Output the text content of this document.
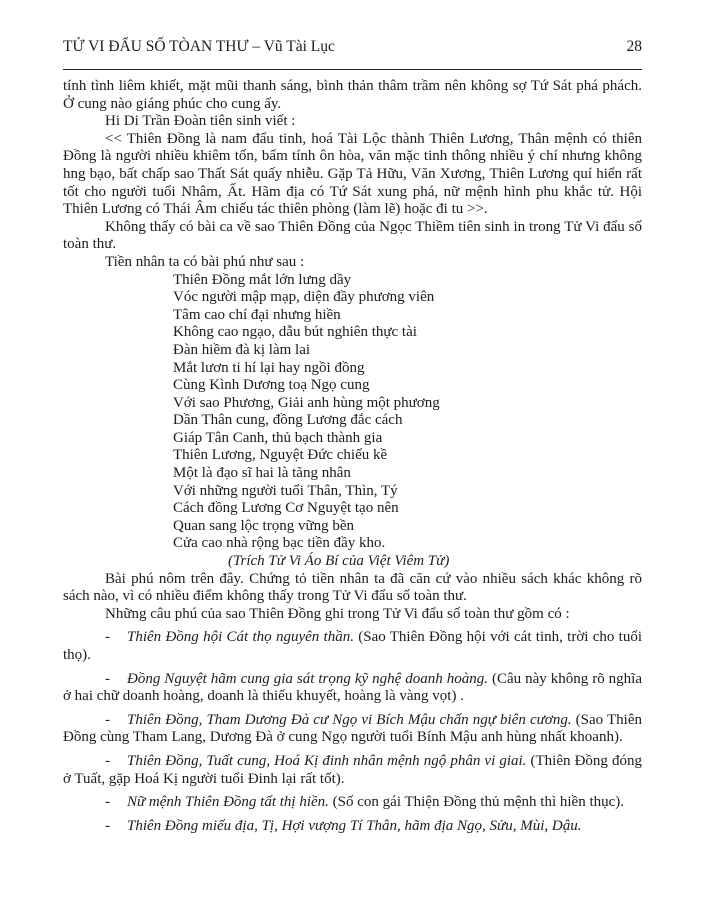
TỬ VI ĐẨU SỐ TÒAN THƯ – Vũ Tài Lục	28

tính tình liêm khiết, mặt mũi thanh sáng, bình thản thâm trầm nên không sợ Tứ Sát phá phách. Ở cung nào giáng phúc cho cung ấy.

Hi Di Trần Đoàn tiên sinh viết :

<< Thiên Đồng là nam đẩu tinh, hoá Tài Lộc thành Thiên Lương, Thân mệnh có thiên Đồng là người nhiều khiêm tốn, bẩm tính ôn hòa, văn mặc tinh thông nhiều ý chí nhưng không hng bạo, bất chấp sao Thất Sát quấy nhiễu. Gặp Tả Hữu, Văn Xương, Thiên Lương quí hiển rất tốt cho người tuổi Nhâm, Ất. Hãm địa có Tứ Sát xung phá, nữ mệnh hình phu khắc tử. Hội Thiên Lương có Thái Âm chiếu tác thiên phòng (làm lẽ) hoặc đi tu >>.

Không thấy có bài ca về sao Thiên Đồng của Ngọc Thiềm tiên sinh in trong Tử Vi đẩu số toàn thư.

Tiền nhân ta có bài phú như sau :

Thiên Đồng mắt lớn lưng dầy
Vóc người mập mạp, diện đầy phương viên
Tâm cao chí đại nhưng hiền
Không cao ngạo, dẫu bút nghiên thực tài
Đàn hiềm đà kị làm lai
Mắt lươn ti hí lại hay ngồi đồng
Cùng Kình Dương toạ Ngọ cung
Với sao Phương, Giải anh hùng một phương
Dần Thân cung, đồng Lương đắc cách
Giáp Tân Canh, thủ bạch thành gia
Thiên Lương, Nguyệt Đức chiếu kề
Một là đạo sĩ hai là tăng nhân
Với những người tuổi Thân, Thìn, Tý
Cách đồng Lương Cơ Nguyệt tạo nên
Quan sang lộc trọng vững bền
Cửa cao nhà rộng bạc tiền đầy kho.
(Trích Tử Vi Áo Bí của Việt Viêm Tử)

Bài phú nôm trên đây. Chứng tỏ tiền nhân ta đã căn cứ vào nhiều sách khác không rõ sách nào, vì có nhiều điểm không thấy trong Tử Vi đẩu số toàn thư.

Những câu phú của sao Thiên Đồng ghi trong Tử Vi đẩu số toàn thư gồm có :

- Thiên Đồng hội Cát thọ nguyên thần. (Sao Thiên Đồng hội với cát tinh, trời cho tuổi thọ).

- Đồng Nguyệt hãm cung gia sát trọng kỹ nghệ doanh hoàng. (Câu này không rõ nghĩa ở hai chữ doanh hoàng, doanh là thiếu khuyết, hoàng là vàng vọt) .

- Thiên Đồng, Tham Dương Đà cư Ngọ vi Bích Mậu chấn ngự biên cương. (Sao Thiên Đồng cùng Tham Lang, Dương Đà ở cung Ngọ người tuổi Bính Mậu anh hùng nhất khoanh).

- Thiên Đồng, Tuất cung, Hoá Kị đinh nhân mệnh ngộ phân vi giai. (Thiên Đồng đóng ở Tuất, gặp Hoá Kị người tuổi Đinh lại rất tốt).

- Nữ mệnh Thiên Đồng tất thị hiền. (Số con gái Thiện Đồng thủ mệnh thì hiền thục).

- Thiên Đồng miếu địa, Tị, Hợi vượng Tí Thân, hãm địa Ngọ, Sửu, Mùi, Dậu.
